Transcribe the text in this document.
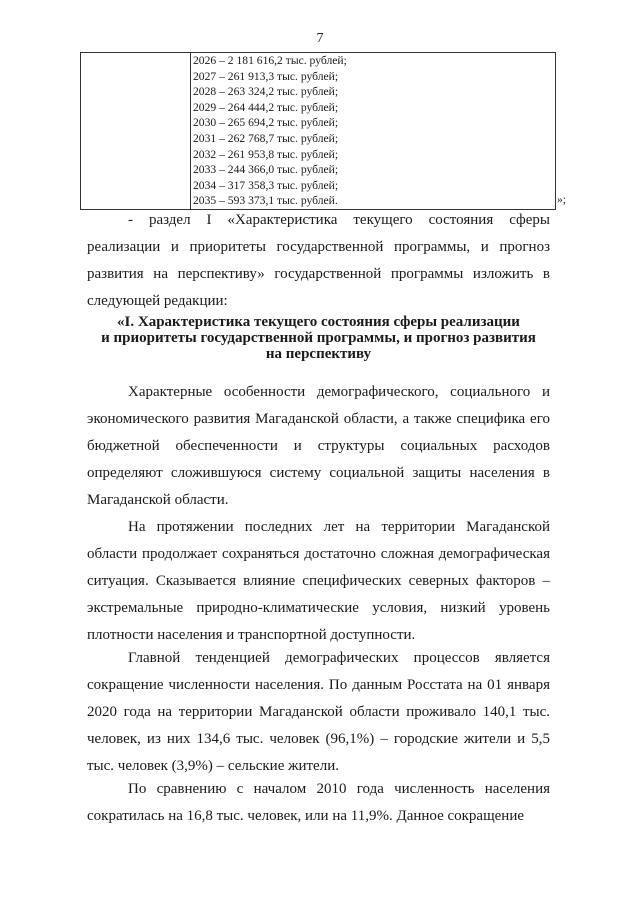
7

2026 – 2 181 616,2 тыс. рублей;
2027 – 261 913,3 тыс. рублей;
2028 – 263 324,2 тыс. рублей;
2029 – 264 444,2 тыс. рублей;
2030 – 265 694,2 тыс. рублей;
2031 – 262 768,7 тыс. рублей;
2032 – 261 953,8 тыс. рублей;
2033 – 244 366,0 тыс. рублей;
2034 – 317 358,3 тыс. рублей;
2035 – 593 373,1 тыс. рублей.	»;
- раздел I «Характеристика текущего состояния сферы реализации и приоритеты государственной программы, и прогноз развития на перспективу» государственной программы изложить в следующей редакции:
«I. Характеристика текущего состояния сферы реализации
и приоритеты государственной программы, и прогноз развития
на перспективу
Характерные особенности демографического, социального и экономического развития Магаданской области, а также специфика его бюджетной обеспеченности и структуры социальных расходов определяют сложившуюся систему социальной защиты населения в Магаданской области.
На протяжении последних лет на территории Магаданской области продолжает сохраняться достаточно сложная демографическая ситуация. Сказывается влияние специфических северных факторов – экстремальные природно-климатические условия, низкий уровень плотности населения и транспортной доступности.
Главной тенденцией демографических процессов является сокращение численности населения. По данным Росстата на 01 января 2020 года на территории Магаданской области проживало 140,1 тыс. человек, из них 134,6 тыс. человек (96,1%) – городские жители и 5,5 тыс. человек (3,9%) – сельские жители.
По сравнению с началом 2010 года численность населения сократилась на 16,8 тыс. человек, или на 11,9%. Данное сокращение
